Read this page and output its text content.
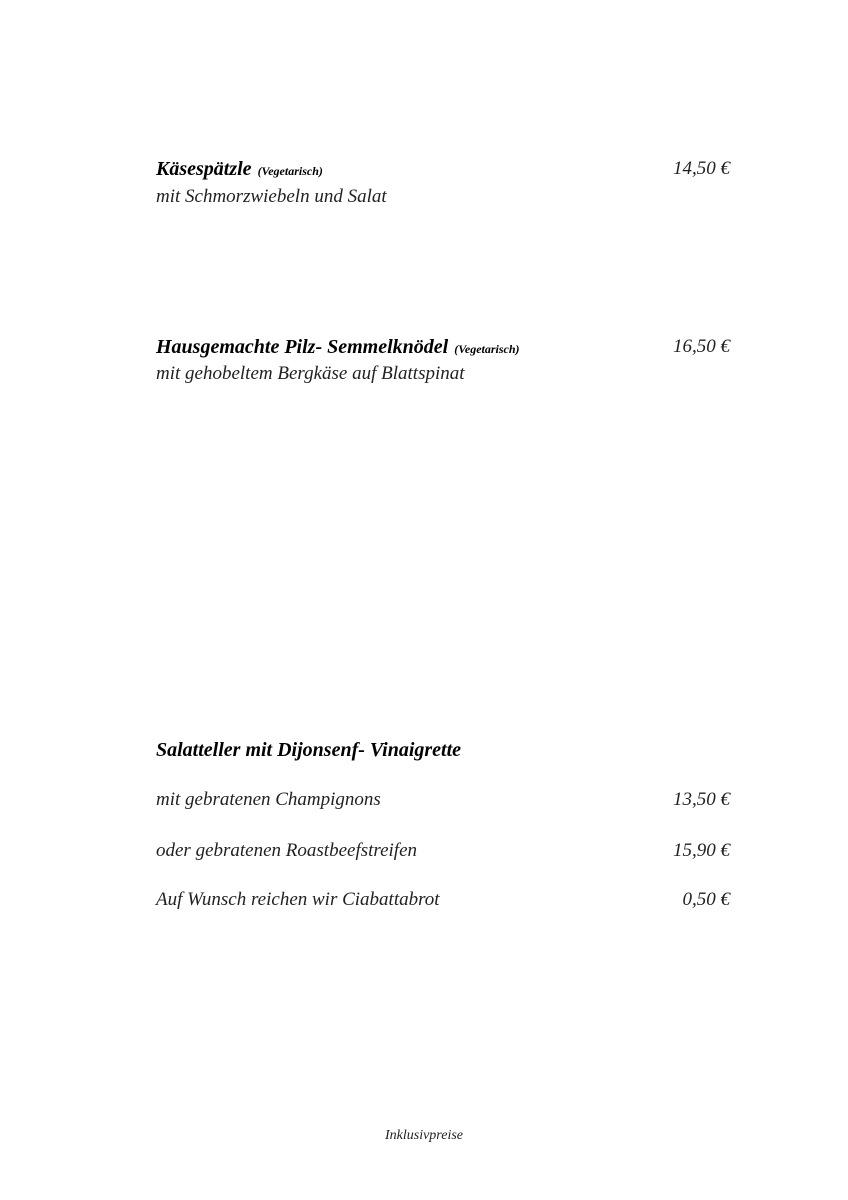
Käsespätzle (Vegetarisch)	14,50 €
mit Schmorzwiebeln und Salat
Hausgemachte Pilz- Semmelknödel (Vegetarisch)	16,50 €
mit gehobeltem Bergkäse auf Blattspinat
Salatteller mit Dijonsenf- Vinaigrette
mit gebratenen Champignons	13,50 €
oder gebratenen Roastbeefstreifen	15,90 €
Auf Wunsch reichen wir Ciabattabrot	0,50 €
Inklusivpreise
